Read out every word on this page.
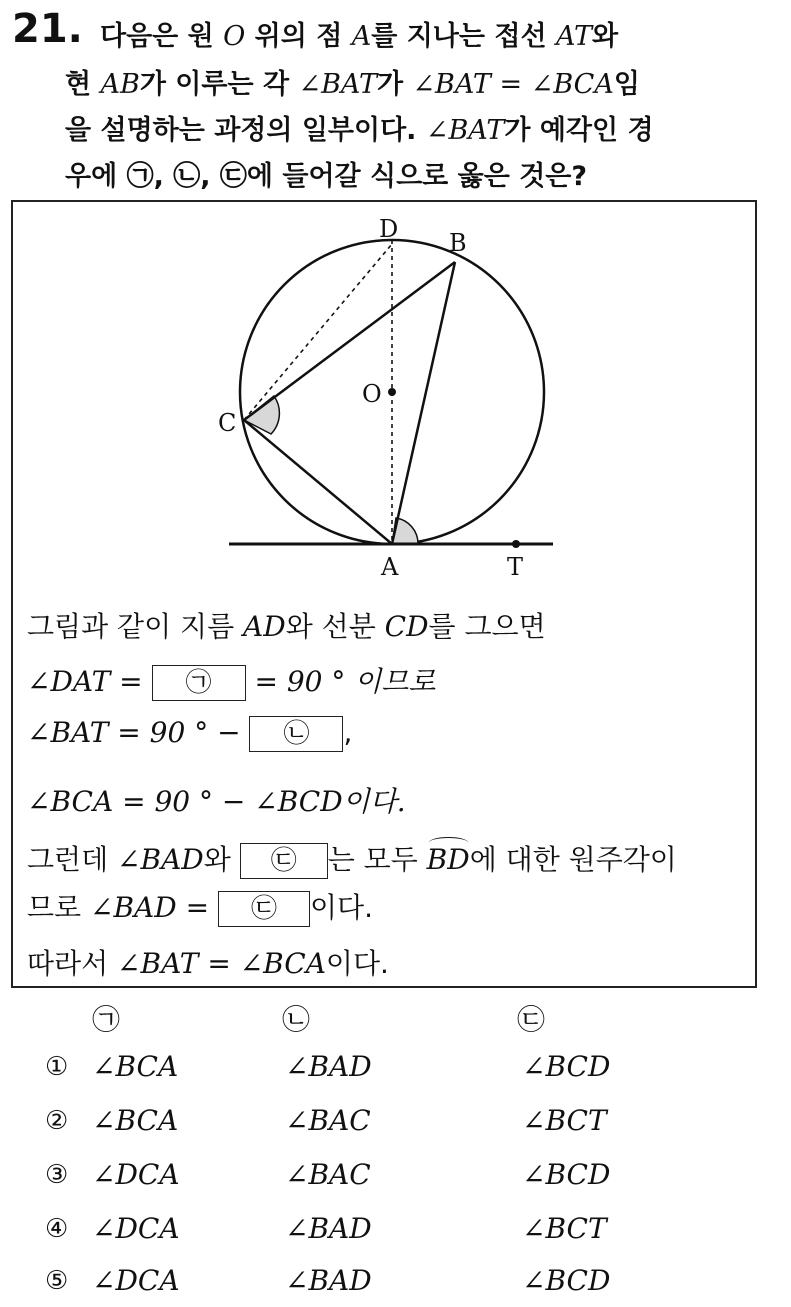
21. 다음은 원 O 위의 점 A를 지나는 접선 AT와
현 AB가 이루는 각 ∠BAT가 ∠BAT = ∠BCA임
을 설명하는 과정의 일부이다. ∠BAT가 예각인 경
우에 ㉠, ㉡, ㉢에 들어갈 식으로 옳은 것은?
D B
O
C
A	T
그림과 같이 지름 AD와 선분 CD를 그으면
∠DAT = ㉠ = 90 ° 이므로
∠BAT = 90 ° − ㉡ ,
∠BCA = 90 ° − ∠BCD이다.
그런데 ∠BAD와 ㉢ 는 모두 BD에 대한 원주각이
므로 ∠BAD = ㉢ 이다.
따라서 ∠BAT = ∠BCA이다.
㉠	㉡	㉢
① ∠BCA	∠BAD	∠BCD
② ∠BCA	∠BAC	∠BCT
③ ∠DCA	∠BAC	∠BCD
④ ∠DCA	∠BAD	∠BCT
⑤ ∠DCA	∠BAD	∠BCD
